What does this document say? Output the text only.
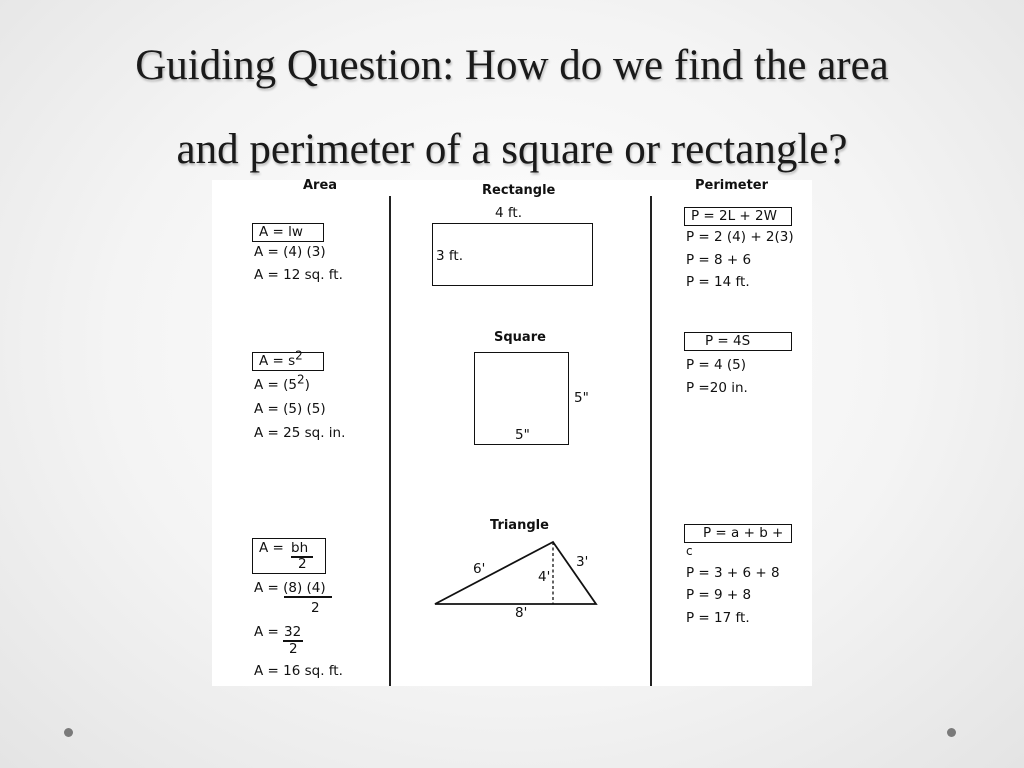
Guiding Question: How do we find the area
and perimeter of a square or rectangle?
Area	Perimeter
A = lw
A = (4) (3)
A = 12 sq. ft.
Rectangle
4 ft.
3 ft.
P = 2L + 2W
P = 2 (4) + 2(3)
P = 8 + 6
P = 14 ft.
$A = s^2$
$A = (5^2)$
A = (5) (5)
A = 25 sq. in.
Square
5"
5"
P = 4S
P = 4 (5)
P =20 in.
A = bh
2
A = (8) (4)
2
A = 32
2
A = 16 sq. ft.
Triangle
6'	3'
4'
8'
P = a + b +
c
P = 3 + 6 + 8
P = 9 + 8
P = 17 ft.
